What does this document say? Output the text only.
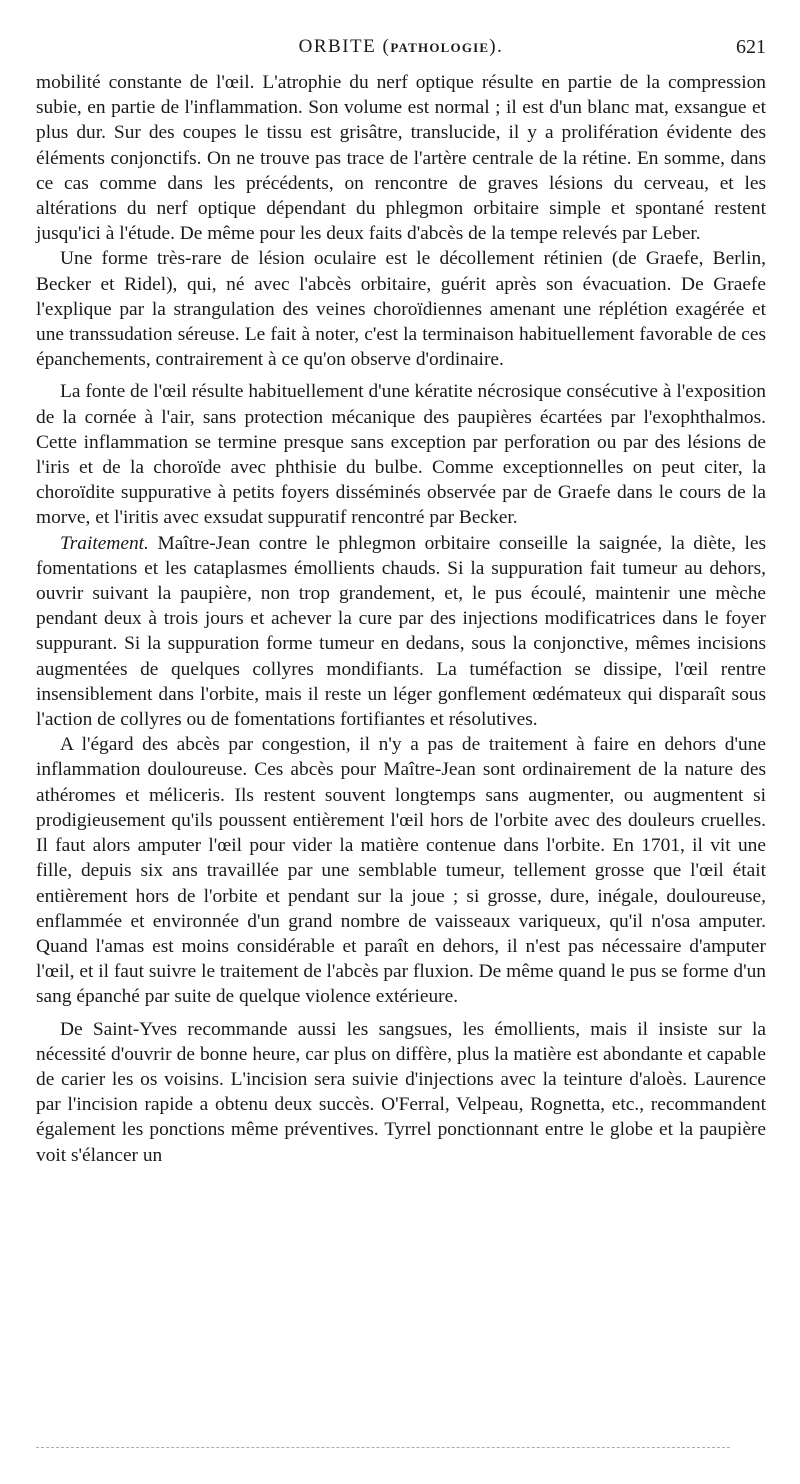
ORBITE (PATHOLOGIE).	621

mobilité constante de l'œil. L'atrophie du nerf optique résulte en partie de la compression subie, en partie de l'inflammation. Son volume est normal ; il est d'un blanc mat, exsangue et plus dur. Sur des coupes le tissu est grisâtre, translucide, il y a prolifération évidente des éléments conjonctifs. On ne trouve pas trace de l'artère centrale de la rétine. En somme, dans ce cas comme dans les précédents, on rencontre de graves lésions du cerveau, et les altérations du nerf optique dépendant du phlegmon orbitaire simple et spontané restent jusqu'ici à l'étude. De même pour les deux faits d'abcès de la tempe relevés par Leber.

Une forme très-rare de lésion oculaire est le décollement rétinien (de Graefe, Berlin, Becker et Ridel), qui, né avec l'abcès orbitaire, guérit après son évacuation. De Graefe l'explique par la strangulation des veines choroïdiennes amenant une réplétion exagérée et une transsudation séreuse. Le fait à noter, c'est la terminaison habituellement favorable de ces épanchements, contrairement à ce qu'on observe d'ordinaire.

La fonte de l'œil résulte habituellement d'une kératite nécrosique consécutive à l'exposition de la cornée à l'air, sans protection mécanique des paupières écartées par l'exophthalmos. Cette inflammation se termine presque sans exception par perforation ou par des lésions de l'iris et de la choroïde avec phthisie du bulbe. Comme exceptionnelles on peut citer, la choroïdite suppurative à petits foyers disséminés observée par de Graefe dans le cours de la morve, et l'iritis avec exsudat suppuratif rencontré par Becker.

Traitement. Maître-Jean contre le phlegmon orbitaire conseille la saignée, la diète, les fomentations et les cataplasmes émollients chauds. Si la suppuration fait tumeur au dehors, ouvrir suivant la paupière, non trop grandement, et, le pus écoulé, maintenir une mèche pendant deux à trois jours et achever la cure par des injections modificatrices dans le foyer suppurant. Si la suppuration forme tumeur en dedans, sous la conjonctive, mêmes incisions augmentées de quelques collyres mondifiants. La tuméfaction se dissipe, l'œil rentre insensiblement dans l'orbite, mais il reste un léger gonflement œdémateux qui disparaît sous l'action de collyres ou de fomentations fortifiantes et résolutives.

A l'égard des abcès par congestion, il n'y a pas de traitement à faire en dehors d'une inflammation douloureuse. Ces abcès pour Maître-Jean sont ordinairement de la nature des athéromes et méliceris. Ils restent souvent longtemps sans augmenter, ou augmentent si prodigieusement qu'ils poussent entièrement l'œil hors de l'orbite avec des douleurs cruelles. Il faut alors amputer l'œil pour vider la matière contenue dans l'orbite. En 1701, il vit une fille, depuis six ans travaillée par une semblable tumeur, tellement grosse que l'œil était entièrement hors de l'orbite et pendant sur la joue ; si grosse, dure, inégale, douloureuse, enflammée et environnée d'un grand nombre de vaisseaux variqueux, qu'il n'osa amputer. Quand l'amas est moins considérable et paraît en dehors, il n'est pas nécessaire d'amputer l'œil, et il faut suivre le traitement de l'abcès par fluxion. De même quand le pus se forme d'un sang épanché par suite de quelque violence extérieure.

De Saint-Yves recommande aussi les sangsues, les émollients, mais il insiste sur la nécessité d'ouvrir de bonne heure, car plus on diffère, plus la matière est abondante et capable de carier les os voisins. L'incision sera suivie d'injections avec la teinture d'aloès. Laurence par l'incision rapide a obtenu deux succès. O'Ferral, Velpeau, Rognetta, etc., recommandent également les ponctions même préventives. Tyrrel ponctionnant entre le globe et la paupière voit s'élancer un
